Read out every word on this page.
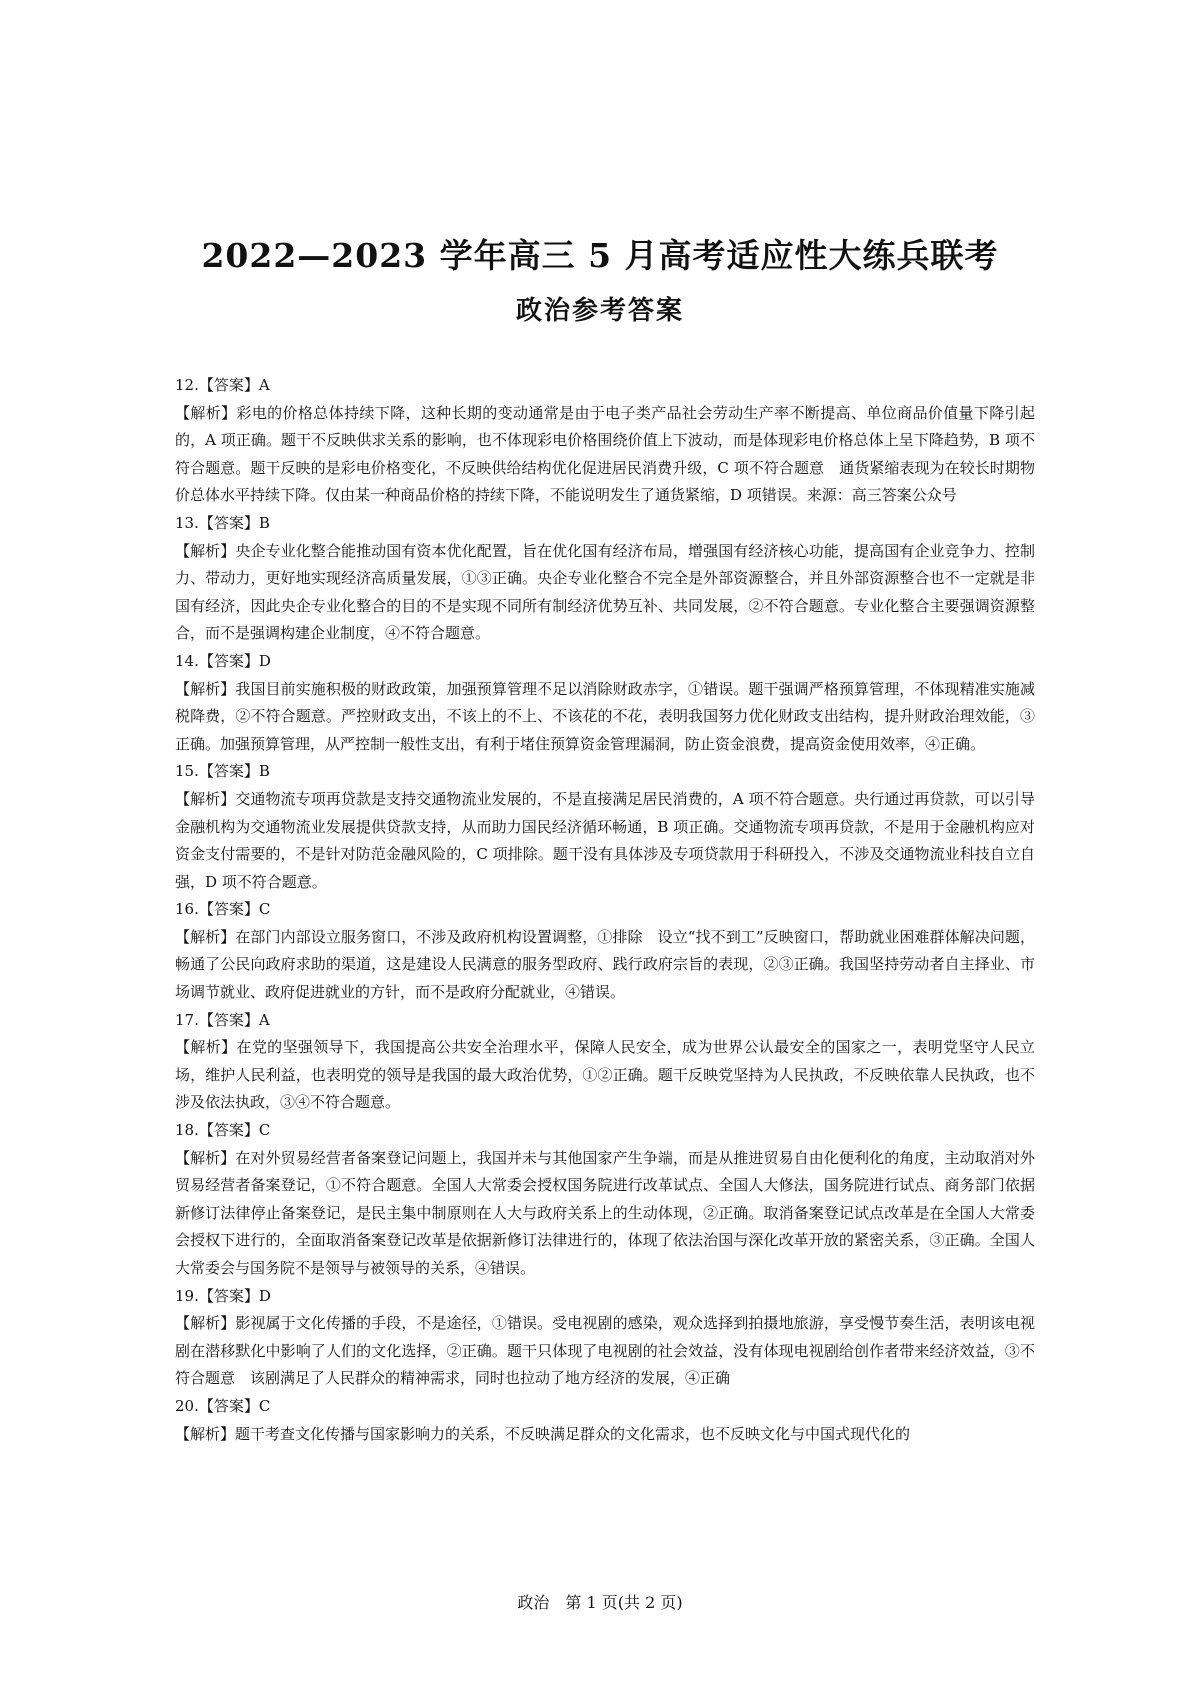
2022—2023 学年高三 5 月高考适应性大练兵联考
政治参考答案

12.【答案】A

【解析】彩电的价格总体持续下降，这种长期的变动通常是由于电子类产品社会劳动生产率不断提高、单位商品价值量下降引起的，A 项正确。题干不反映供求关系的影响，也不体现彩电价格围绕价值上下波动，而是体现彩电价格总体上呈下降趋势，B 项不符合题意。题干反映的是彩电价格变化，不反映供给结构优化促进居民消费升级，C 项不符合题意　通货紧缩表现为在较长时期物价总体水平持续下降。仅由某一种商品价格的持续下降，不能说明发生了通货紧缩，D 项错误。来源：高三答案公众号

13.【答案】B

【解析】央企专业化整合能推动国有资本优化配置，旨在优化国有经济布局，增强国有经济核心功能，提高国有企业竞争力、控制力、带动力，更好地实现经济高质量发展，①③正确。央企专业化整合不完全是外部资源整合，并且外部资源整合也不一定就是非国有经济，因此央企专业化整合的目的不是实现不同所有制经济优势互补、共同发展，②不符合题意。专业化整合主要强调资源整合，而不是强调构建企业制度，④不符合题意。

14.【答案】D

【解析】我国目前实施积极的财政政策，加强预算管理不足以消除财政赤字，①错误。题干强调严格预算管理，不体现精准实施减税降费，②不符合题意。严控财政支出，不该上的不上、不该花的不花，表明我国努力优化财政支出结构，提升财政治理效能，③正确。加强预算管理，从严控制一般性支出，有利于堵住预算资金管理漏洞，防止资金浪费，提高资金使用效率，④正确。

15.【答案】B

【解析】交通物流专项再贷款是支持交通物流业发展的，不是直接满足居民消费的，A 项不符合题意。央行通过再贷款，可以引导金融机构为交通物流业发展提供贷款支持，从而助力国民经济循环畅通，B 项正确。交通物流专项再贷款，不是用于金融机构应对资金支付需要的，不是针对防范金融风险的，C 项排除。题干没有具体涉及专项贷款用于科研投入，不涉及交通物流业科技自立自强，D 项不符合题意。

16.【答案】C

【解析】在部门内部设立服务窗口，不涉及政府机构设置调整，①排除　设立“找不到工”反映窗口，帮助就业困难群体解决问题，畅通了公民向政府求助的渠道，这是建设人民满意的服务型政府、践行政府宗旨的表现，②③正确。我国坚持劳动者自主择业、市场调节就业、政府促进就业的方针，而不是政府分配就业，④错误。

17.【答案】A

【解析】在党的坚强领导下，我国提高公共安全治理水平，保障人民安全，成为世界公认最安全的国家之一，表明党坚守人民立场，维护人民利益，也表明党的领导是我国的最大政治优势，①②正确。题干反映党坚持为人民执政，不反映依靠人民执政，也不涉及依法执政，③④不符合题意。

18.【答案】C

【解析】在对外贸易经营者备案登记问题上，我国并未与其他国家产生争端，而是从推进贸易自由化便利化的角度，主动取消对外贸易经营者备案登记，①不符合题意。全国人大常委会授权国务院进行改革试点、全国人大修法，国务院进行试点、商务部门依据新修订法律停止备案登记，是民主集中制原则在人大与政府关系上的生动体现，②正确。取消备案登记试点改革是在全国人大常委会授权下进行的，全面取消备案登记改革是依据新修订法律进行的，体现了依法治国与深化改革开放的紧密关系，③正确。全国人大常委会与国务院不是领导与被领导的关系，④错误。

19.【答案】D

【解析】影视属于文化传播的手段，不是途径，①错误。受电视剧的感染，观众选择到拍摄地旅游，享受慢节奏生活，表明该电视剧在潜移默化中影响了人们的文化选择，②正确。题干只体现了电视剧的社会效益，没有体现电视剧给创作者带来经济效益，③不符合题意　该剧满足了人民群众的精神需求，同时也拉动了地方经济的发展，④正确

20.【答案】C

【解析】题干考查文化传播与国家影响力的关系，不反映满足群众的文化需求，也不反映文化与中国式现代化的

政治　第 1 页(共 2 页)
